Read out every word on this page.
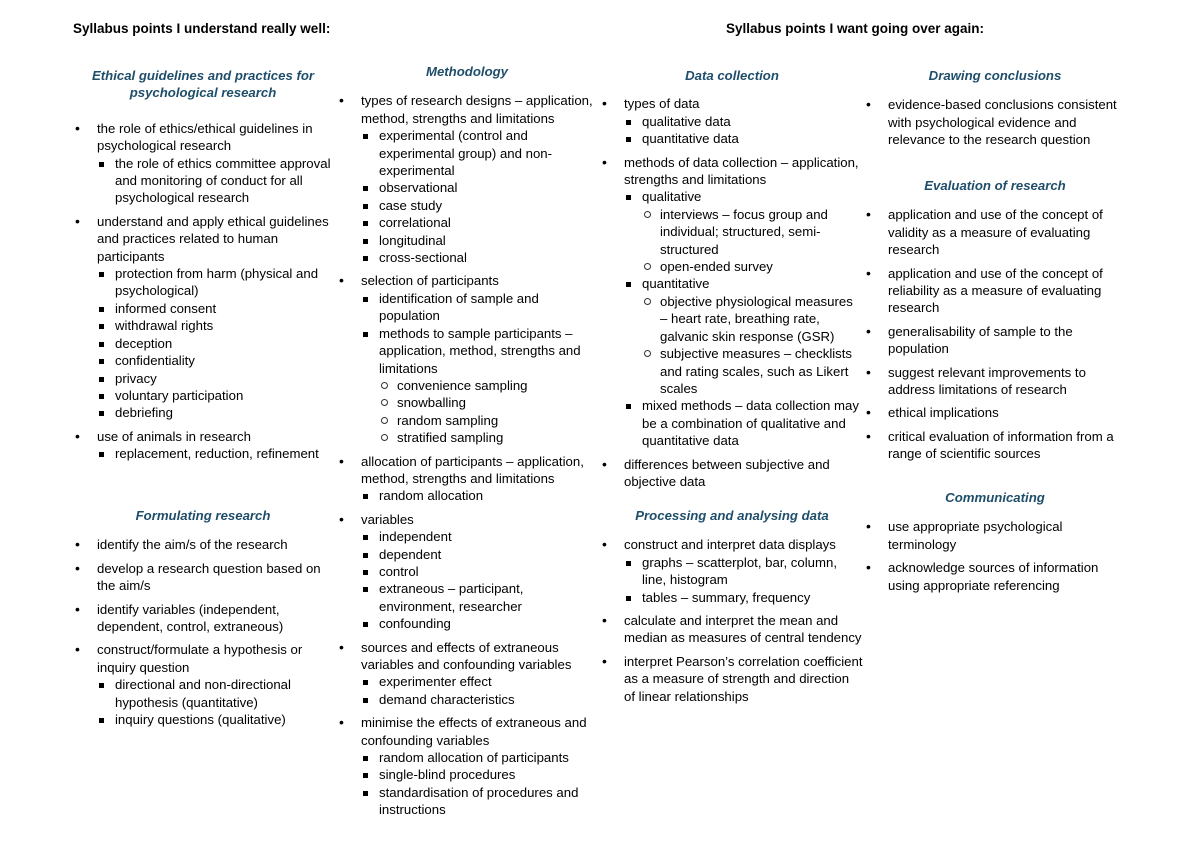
Syllabus points I understand really well:	Syllabus points I want going over again:
Ethical guidelines and practices for psychological research
• the role of ethics/ethical guidelines in psychological research
the role of ethics committee approval and monitoring of conduct for all psychological research
• understand and apply ethical guidelines and practices related to human participants
protection from harm (physical and psychological)
informed consent
withdrawal rights
deception
confidentiality
privacy
voluntary participation
debriefing
• use of animals in research
replacement, reduction, refinement
Formulating research
• identify the aim/s of the research
• develop a research question based on the aim/s
• identify variables (independent, dependent, control, extraneous)
• construct/formulate a hypothesis or inquiry question
directional and non-directional hypothesis (quantitative)
inquiry questions (qualitative)
Methodology
• types of research designs – application, method, strengths and limitations
experimental (control and experimental group) and non-experimental
observational
case study
correlational
longitudinal
cross-sectional
• selection of participants
identification of sample and population
methods to sample participants – application, method, strengths and limitations
convenience sampling
snowballing
random sampling
stratified sampling
• allocation of participants – application, method, strengths and limitations
random allocation
• variables
independent
dependent
control
extraneous – participant, environment, researcher
confounding
• sources and effects of extraneous variables and confounding variables
experimenter effect
demand characteristics
• minimise the effects of extraneous and confounding variables
random allocation of participants
single-blind procedures
standardisation of procedures and instructions
Data collection
• types of data
qualitative data
quantitative data
• methods of data collection – application, strengths and limitations
qualitative
interviews – focus group and individual; structured, semi-structured
open-ended survey
quantitative
objective physiological measures – heart rate, breathing rate, galvanic skin response (GSR)
subjective measures – checklists and rating scales, such as Likert scales
mixed methods – data collection may be a combination of qualitative and quantitative data
• differences between subjective and objective data
Processing and analysing data
• construct and interpret data displays
graphs – scatterplot, bar, column, line, histogram
tables – summary, frequency
• calculate and interpret the mean and median as measures of central tendency
• interpret Pearson’s correlation coefficient as a measure of strength and direction of linear relationships
Drawing conclusions
• evidence-based conclusions consistent with psychological evidence and relevance to the research question
Evaluation of research
• application and use of the concept of validity as a measure of evaluating research
• application and use of the concept of reliability as a measure of evaluating research
• generalisability of sample to the population
• suggest relevant improvements to address limitations of research
• ethical implications
• critical evaluation of information from a range of scientific sources
Communicating
• use appropriate psychological terminology
• acknowledge sources of information using appropriate referencing
